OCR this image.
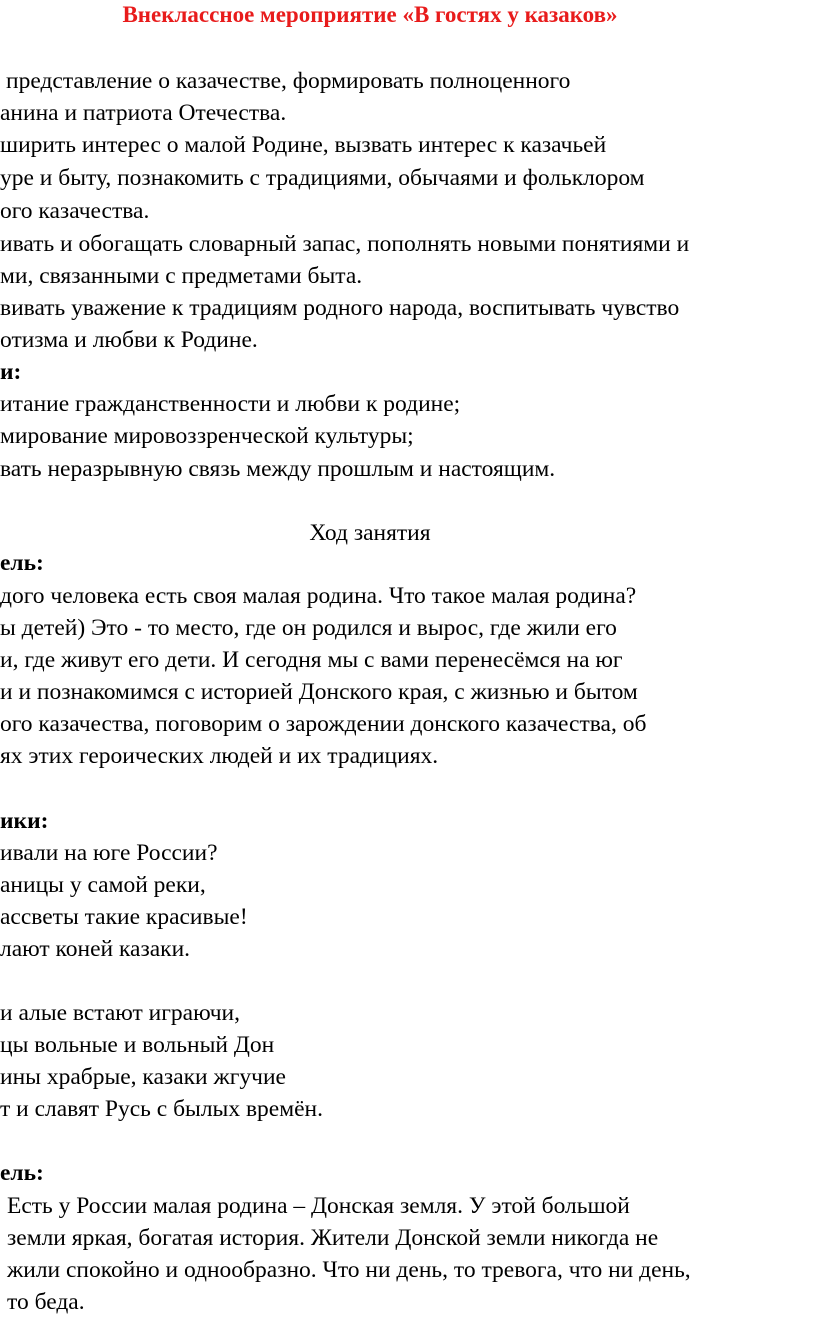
Внеклассное мероприятие «В гостях у казаков»
представление о казачестве, формировать полноценного
анина и патриота Отечества.
ширить интерес о малой Родине, вызвать интерес к казачьей
уре и быту, познакомить с традициями, обычаями и фольклором
ого казачества.
ивать и обогащать словарный запас, пополнять новыми понятиями и
ми, связанными с предметами быта.
вивать уважение к традициям родного народа, воспитывать чувство
отизма и любви к Родине.
и:
итание гражданственности и любви к родине;
мирование мировоззренческой культуры;
вать неразрывную связь между прошлым и настоящим.
Ход занятия
ель:
дого человека есть своя малая родина. Что такое малая родина?
ы детей) Это - то место, где он родился и вырос, где жили его
и, где живут его дети. И сегодня мы с вами перенесёмся на юг
и и познакомимся с историей Донского края, с жизнью и бытом
ого казачества, поговорим о зарождении донского казачества, об
ях этих героических людей и их традициях.
ики:
ивали на юге России?
аницы у самой реки,
ассветы такие красивые!
лают коней казаки.
и алые встают играючи,
цы вольные и вольный Дон
ины храбрые, казаки жгучие
т и славят Русь с былых времён.
ель:
Есть у России малая родина – Донская земля. У этой большой
земли яркая, богатая история. Жители Донской земли никогда не
жили спокойно и однообразно. Что ни день, то тревога, что ни день,
то беда.
